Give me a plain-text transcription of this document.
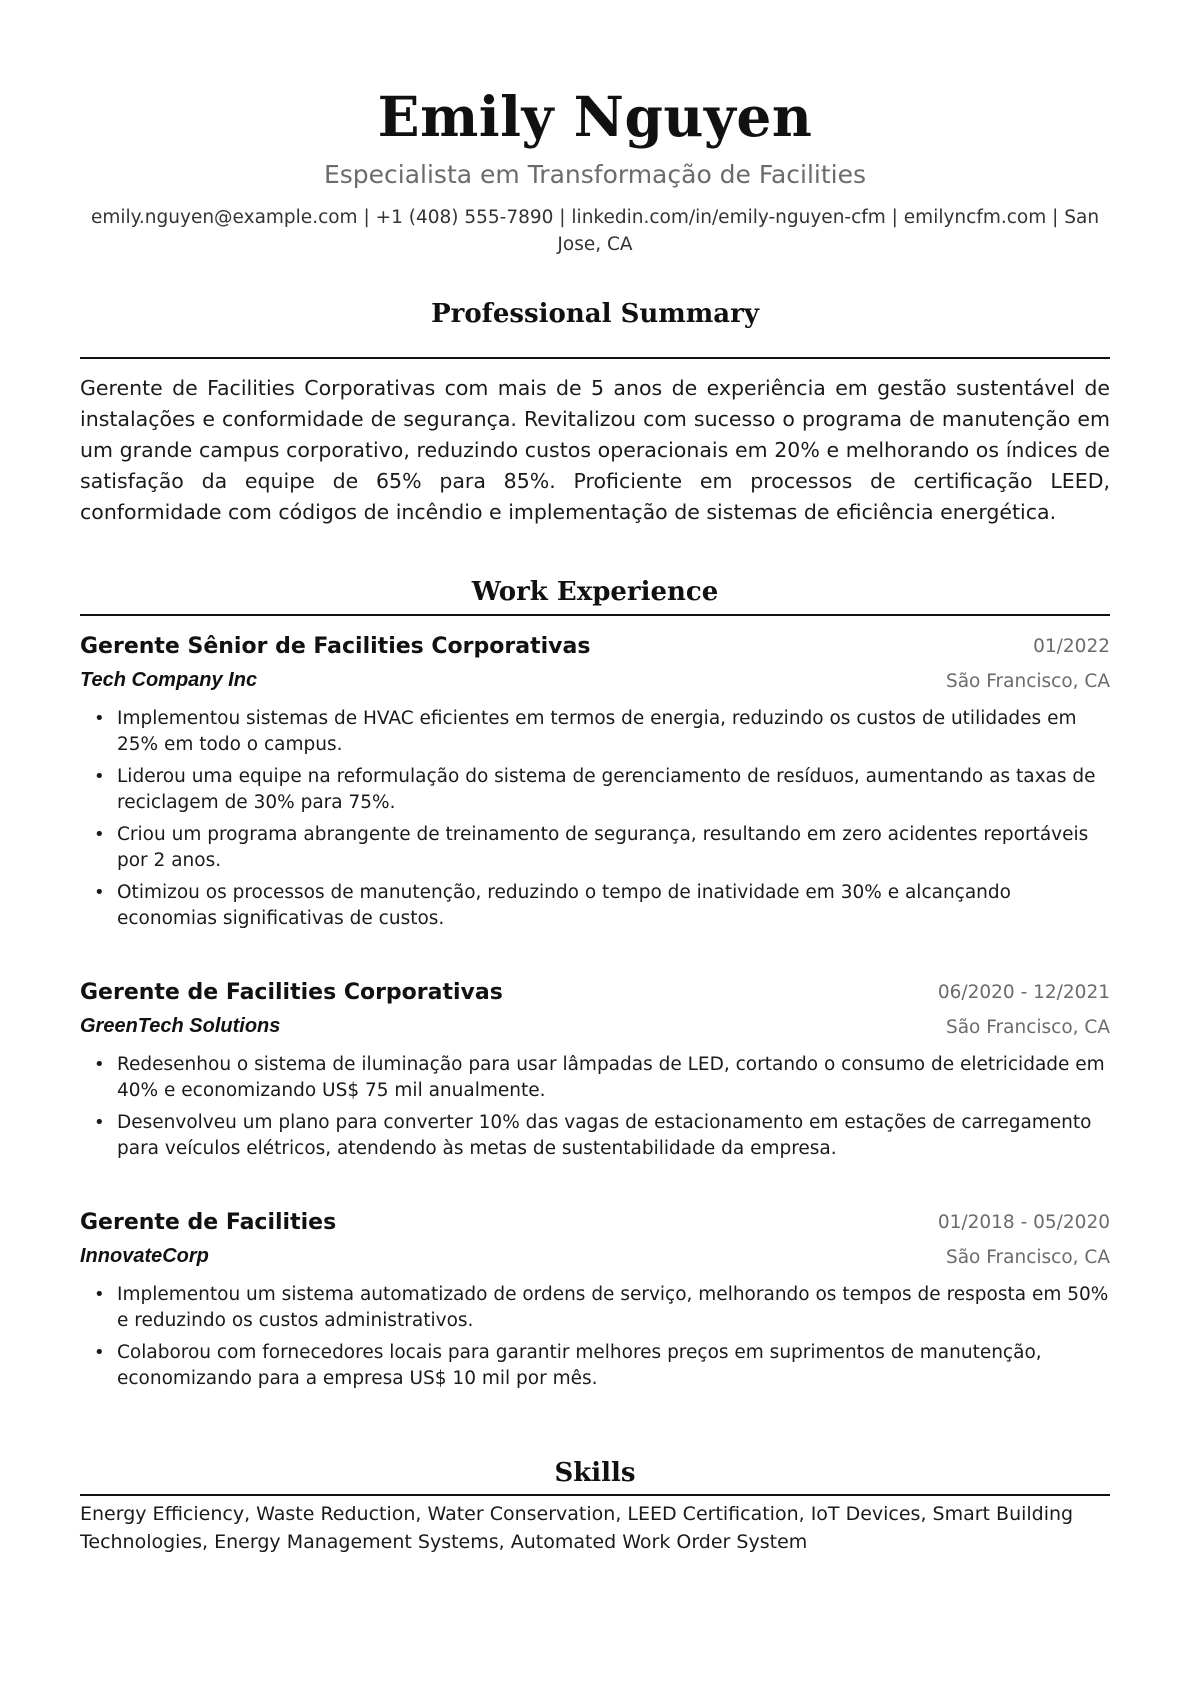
Emily Nguyen
Especialista em Transformação de Facilities
emily.nguyen@example.com | +1 (408) 555-7890 | linkedin.com/in/emily-nguyen-cfm | emilyncfm.com | San Jose, CA
Professional Summary
Gerente de Facilities Corporativas com mais de 5 anos de experiência em gestão sustentável de instalações e conformidade de segurança. Revitalizou com sucesso o programa de manutenção em um grande campus corporativo, reduzindo custos operacionais em 20% e melhorando os índices de satisfação da equipe de 65% para 85%. Proficiente em processos de certificação LEED, conformidade com códigos de incêndio e implementação de sistemas de eficiência energética.
Work Experience
Gerente Sênior de Facilities Corporativas	01/2022
Tech Company Inc	São Francisco, CA
• Implementou sistemas de HVAC eficientes em termos de energia, reduzindo os custos de utilidades em 25% em todo o campus.
• Liderou uma equipe na reformulação do sistema de gerenciamento de resíduos, aumentando as taxas de reciclagem de 30% para 75%.
• Criou um programa abrangente de treinamento de segurança, resultando em zero acidentes reportáveis por 2 anos.
• Otimizou os processos de manutenção, reduzindo o tempo de inatividade em 30% e alcançando economias significativas de custos.
Gerente de Facilities Corporativas	06/2020 - 12/2021
GreenTech Solutions	São Francisco, CA
• Redesenhou o sistema de iluminação para usar lâmpadas de LED, cortando o consumo de eletricidade em 40% e economizando US$ 75 mil anualmente.
• Desenvolveu um plano para converter 10% das vagas de estacionamento em estações de carregamento para veículos elétricos, atendendo às metas de sustentabilidade da empresa.
Gerente de Facilities	01/2018 - 05/2020
InnovateCorp	São Francisco, CA
• Implementou um sistema automatizado de ordens de serviço, melhorando os tempos de resposta em 50% e reduzindo os custos administrativos.
• Colaborou com fornecedores locais para garantir melhores preços em suprimentos de manutenção, economizando para a empresa US$ 10 mil por mês.
Skills
Energy Efficiency, Waste Reduction, Water Conservation, LEED Certification, IoT Devices, Smart Building Technologies, Energy Management Systems, Automated Work Order System
